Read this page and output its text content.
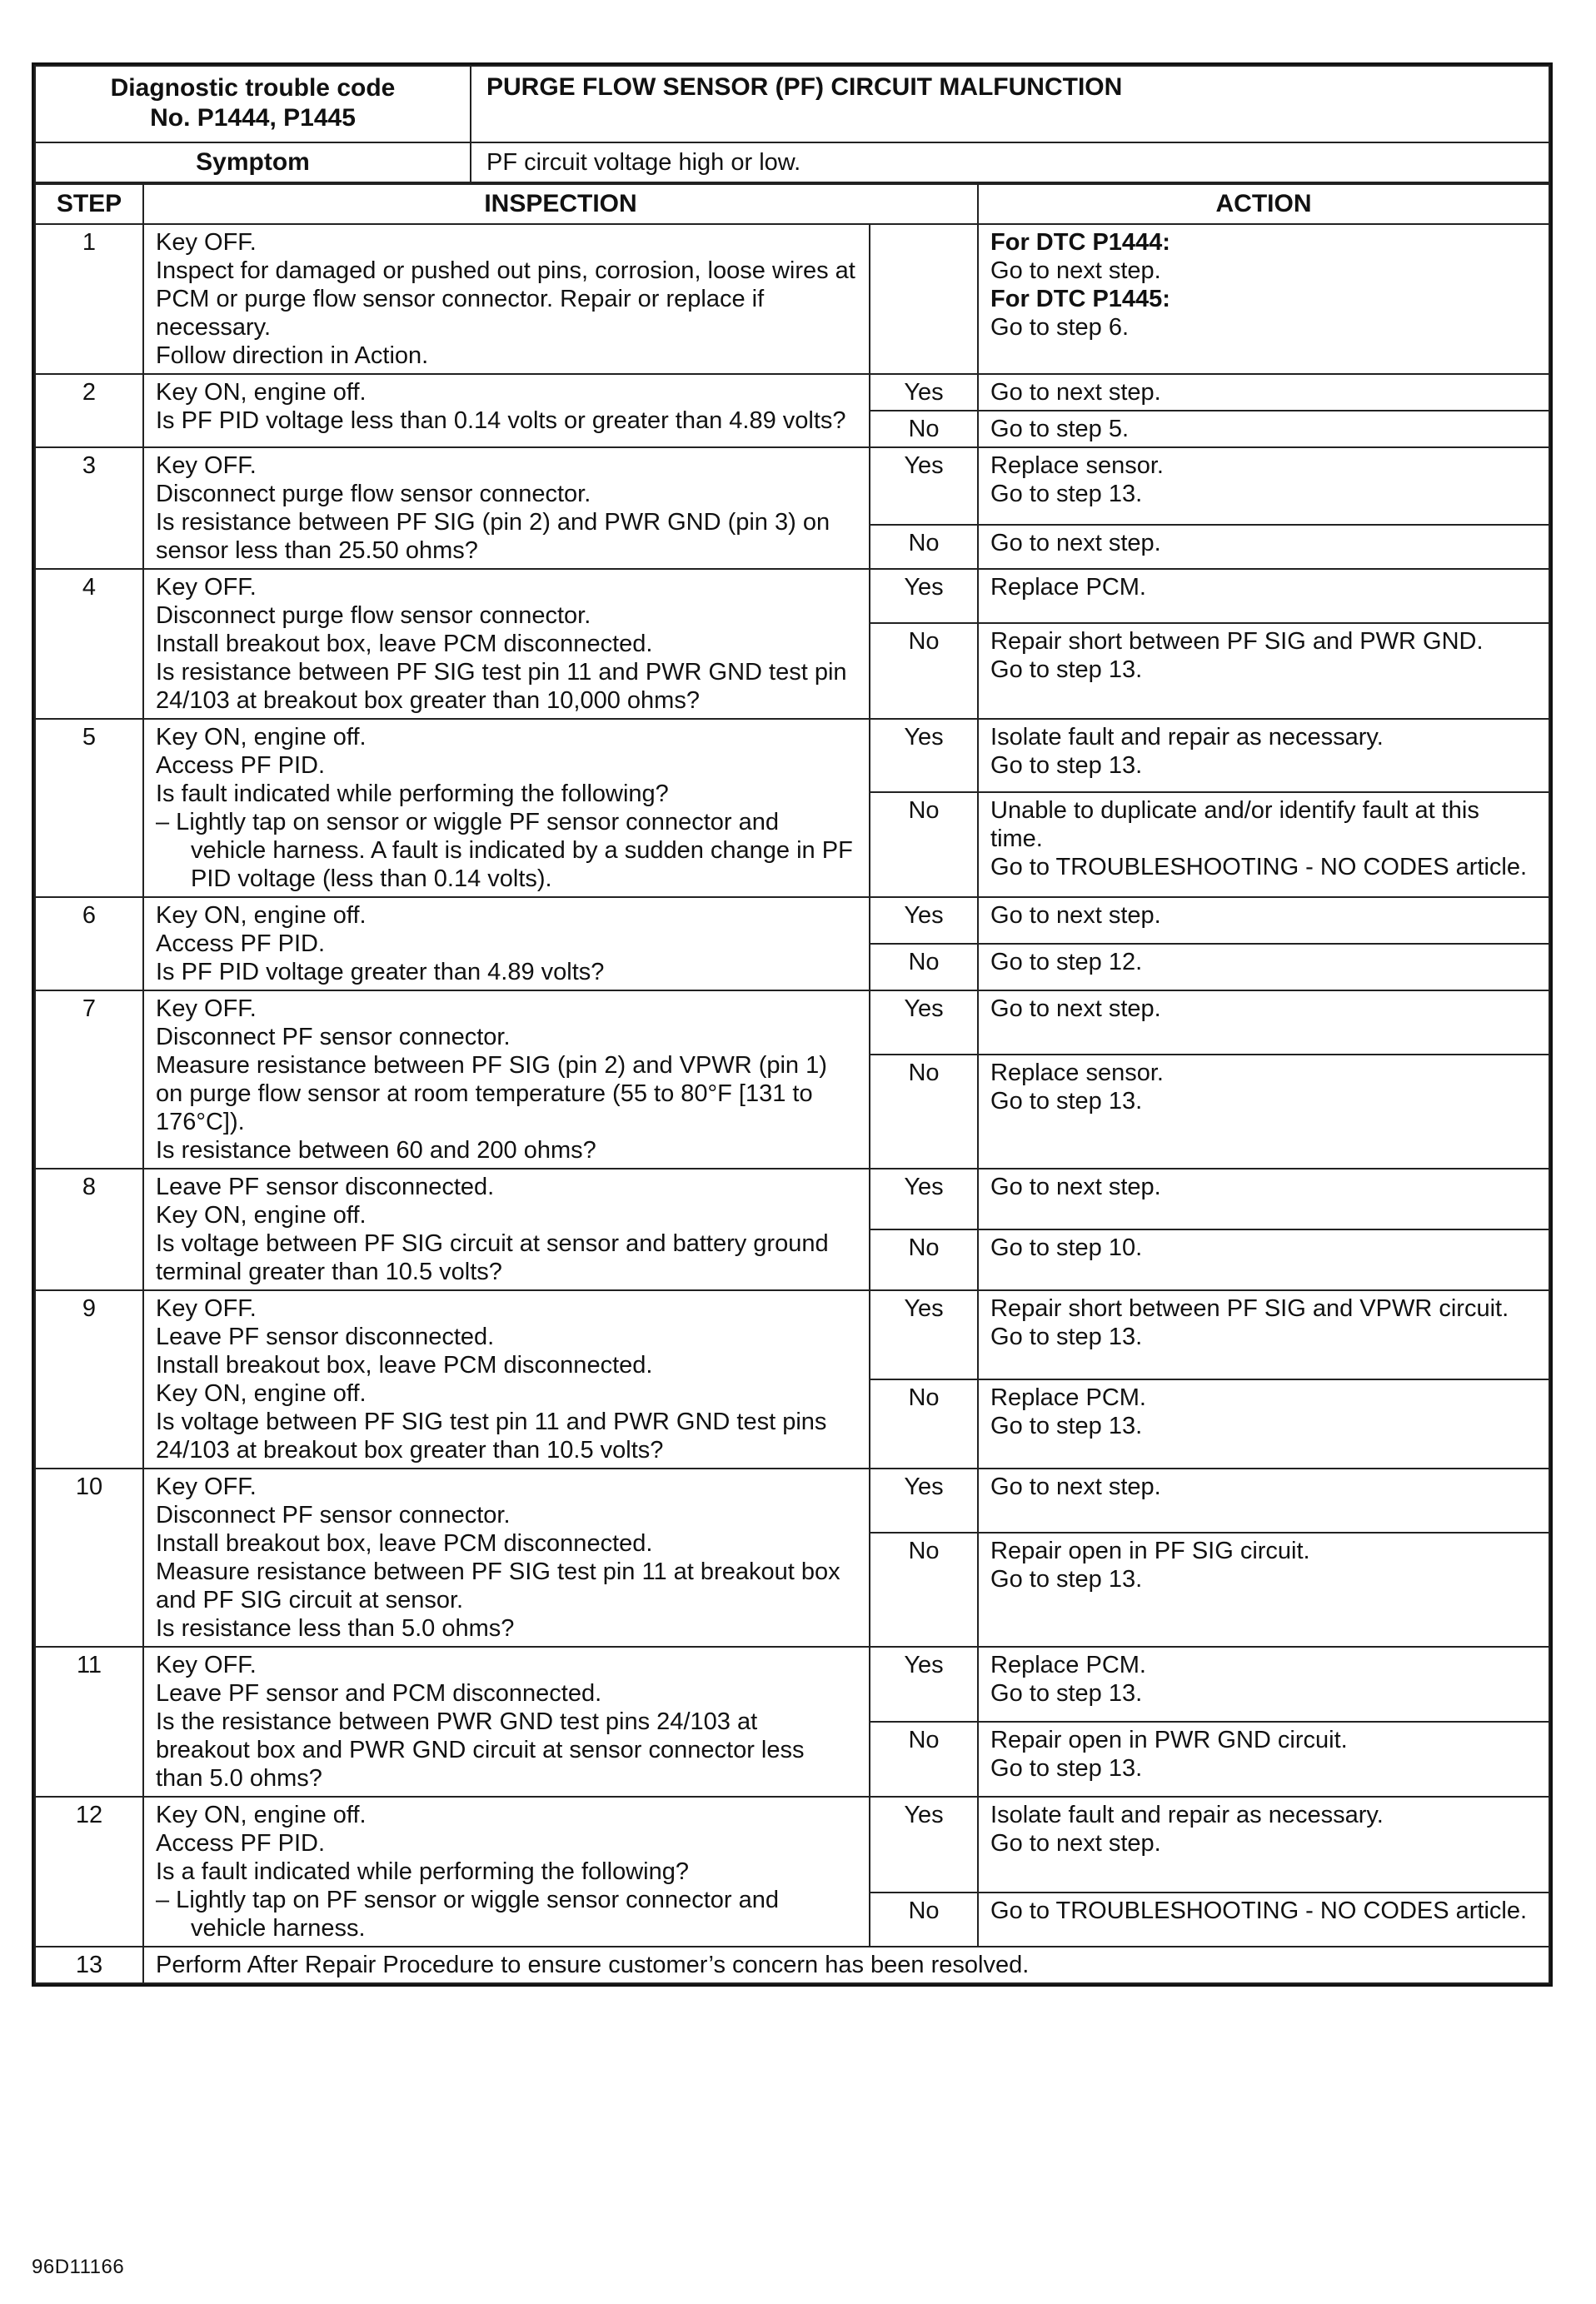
Diagnostic trouble code
No. P1444, P1445	PURGE FLOW SENSOR (PF) CIRCUIT MALFUNCTION
Symptom	PF circuit voltage high or low.
STEP	INSPECTION		ACTION
1	Key OFF.
Inspect for damaged or pushed out pins, corrosion, loose wires at PCM or purge flow sensor connector. Repair or replace if necessary.
Follow direction in Action.		For DTC P1444:
Go to next step.
For DTC P1445:
Go to step 6.

2	Key ON, engine off.
Is PF PID voltage less than 0.14 volts or greater than 4.89 volts?	Yes	Go to next step.

		No	Go to step 5.

3	Key OFF.
Disconnect purge flow sensor connector.
Is resistance between PF SIG (pin 2) and PWR GND (pin 3) on sensor less than 25.50 ohms?	Yes	Replace sensor.
Go to step 13.

		No	Go to next step.

4	Key OFF.
Disconnect purge flow sensor connector.
Install breakout box, leave PCM disconnected.
Is resistance between PF SIG test pin 11 and PWR GND test pin 24/103 at breakout box greater than 10,000 ohms?	Yes	Replace PCM.

		No	Repair short between PF SIG and PWR GND.
Go to step 13.

5	Key ON, engine off.
Access PF PID.
Is fault indicated while performing the following?
– Lightly tap on sensor or wiggle PF sensor connector and vehicle harness. A fault is indicated by a sudden change in PF PID voltage (less than 0.14 volts).	Yes	Isolate fault and repair as necessary.
Go to step 13.

		No	Unable to duplicate and/or identify fault at this time.
Go to TROUBLESHOOTING - NO CODES article.

6	Key ON, engine off.
Access PF PID.
Is PF PID voltage greater than 4.89 volts?	Yes	Go to next step.

		No	Go to step 12.

7	Key OFF.
Disconnect PF sensor connector.
Measure resistance between PF SIG (pin 2) and VPWR (pin 1) on purge flow sensor at room temperature (55 to 80°F [131 to 176°C]).
Is resistance between 60 and 200 ohms?	Yes	Go to next step.

		No	Replace sensor.
Go to step 13.

8	Leave PF sensor disconnected.
Key ON, engine off.
Is voltage between PF SIG circuit at sensor and battery ground terminal greater than 10.5 volts?	Yes	Go to next step.

		No	Go to step 10.

9	Key OFF.
Leave PF sensor disconnected.
Install breakout box, leave PCM disconnected.
Key ON, engine off.
Is voltage between PF SIG test pin 11 and PWR GND test pins 24/103 at breakout box greater than 10.5 volts?	Yes	Repair short between PF SIG and VPWR circuit.
Go to step 13.

		No	Replace PCM.
Go to step 13.

10	Key OFF.
Disconnect PF sensor connector.
Install breakout box, leave PCM disconnected.
Measure resistance between PF SIG test pin 11 at breakout box and PF SIG circuit at sensor.
Is resistance less than 5.0 ohms?	Yes	Go to next step.

		No	Repair open in PF SIG circuit.
Go to step 13.

11	Key OFF.
Leave PF sensor and PCM disconnected.
Is the resistance between PWR GND test pins 24/103 at breakout box and PWR GND circuit at sensor connector less than 5.0 ohms?	Yes	Replace PCM.
Go to step 13.

		No	Repair open in PWR GND circuit.
Go to step 13.

12	Key ON, engine off.
Access PF PID.
Is a fault indicated while performing the following?
– Lightly tap on PF sensor or wiggle sensor connector and vehicle harness.	Yes	Isolate fault and repair as necessary.
Go to next step.

		No	Go to TROUBLESHOOTING - NO CODES article.

13	Perform After Repair Procedure to ensure customer’s concern has been resolved.		
96D11166
